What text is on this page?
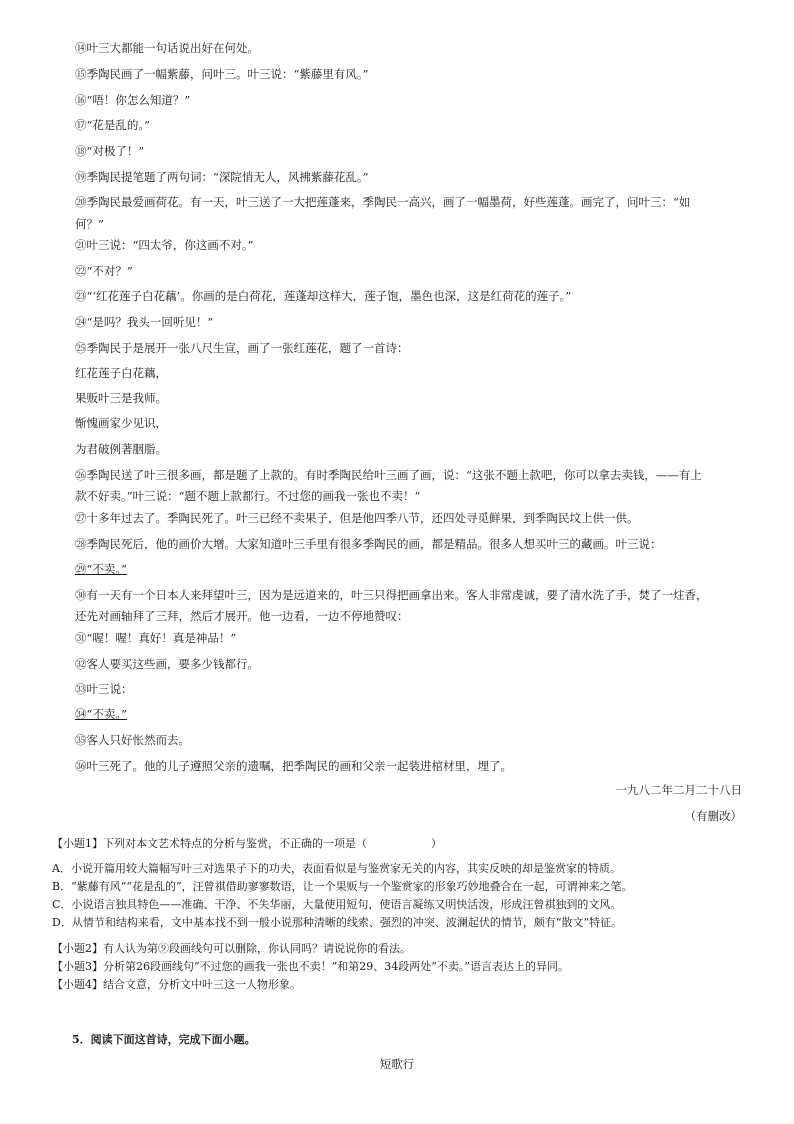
⑭叶三大都能一句话说出好在何处。
⑮季陶民画了一幅紫藤，问叶三。叶三说：“紫藤里有风。”
⑯“唔！你怎么知道？”
⑰“花是乱的。”
⑱“对极了！”
⑲季陶民提笔题了两句词：“深院悄无人，风拂紫藤花乱。”
⑳季陶民最爱画荷花。有一天，叶三送了一大把莲蓬来，季陶民一高兴，画了一幅墨荷，好些莲蓬。画完了，问叶三：“如
何？”
㉑叶三说：“四太爷，你这画不对。”
㉒“不对？”
㉓“‘红花莲子白花藕’。你画的是白荷花，莲蓬却这样大，莲子饱，墨色也深，这是红荷花的莲子。”
㉔“是吗？我头一回听见！”
㉕季陶民于是展开一张八尺生宣，画了一张红莲花，题了一首诗：
红花莲子白花藕，
果贩叶三是我师。
惭愧画家少见识，
为君破例著胭脂。
㉖季陶民送了叶三很多画，都是题了上款的。有时季陶民给叶三画了画，说：“这张不题上款吧，你可以拿去卖钱，——有上
款不好卖。”叶三说：“题不题上款都行。不过您的画我一张也不卖！”
㉗十多年过去了。季陶民死了。叶三已经不卖果子，但是他四季八节，还四处寻觅鲜果，到季陶民坟上供一供。
㉘季陶民死后，他的画价大增。大家知道叶三手里有很多季陶民的画，都是精品。很多人想买叶三的藏画。叶三说：
㉙“不卖。”
㉚有一天有一个日本人来拜望叶三，因为是远道来的，叶三只得把画拿出来。客人非常虔诚，要了清水洗了手，焚了一炷香，
还先对画轴拜了三拜，然后才展开。他一边看，一边不停地赞叹：
㉛“喔！喔！真好！真是神品！”
㉜客人要买这些画，要多少钱都行。
㉝叶三说：
㉞“不卖。”
㉟客人只好怅然而去。
㊱叶三死了。他的儿子遵照父亲的遗嘱，把季陶民的画和父亲一起装进棺材里，埋了。
一九八二年二月二十八日
（有删改）
【小题1】下列对本文艺术特点的分析与鉴赏，不正确的一项是（	）
A．小说开篇用较大篇幅写叶三对选果子下的功夫，表面看似是与鉴赏家无关的内容，其实反映的却是鉴赏家的特质。
B．“紫藤有风”“花是乱的”，汪曾祺借助寥寥数语，让一个果贩与一个鉴赏家的形象巧妙地叠合在一起，可谓神来之笔。
C．小说语言独具特色——准确、干净、不失华丽，大量使用短句，使语言凝练又明快活泼，形成汪曾祺独到的文风。
D．从情节和结构来看，文中基本找不到一般小说那种清晰的线索、强烈的冲突、波澜起伏的情节，颇有“散文”特征。
【小题2】有人认为第⑨段画线句可以删除，你认同吗？请说说你的看法。
【小题3】分析第26段画线句“不过您的画我一张也不卖！”和第29、34段两处“不卖。”语言表达上的异同。
【小题4】结合文意，分析文中叶三这一人物形象。
5．阅读下面这首诗，完成下面小题。
短歌行
